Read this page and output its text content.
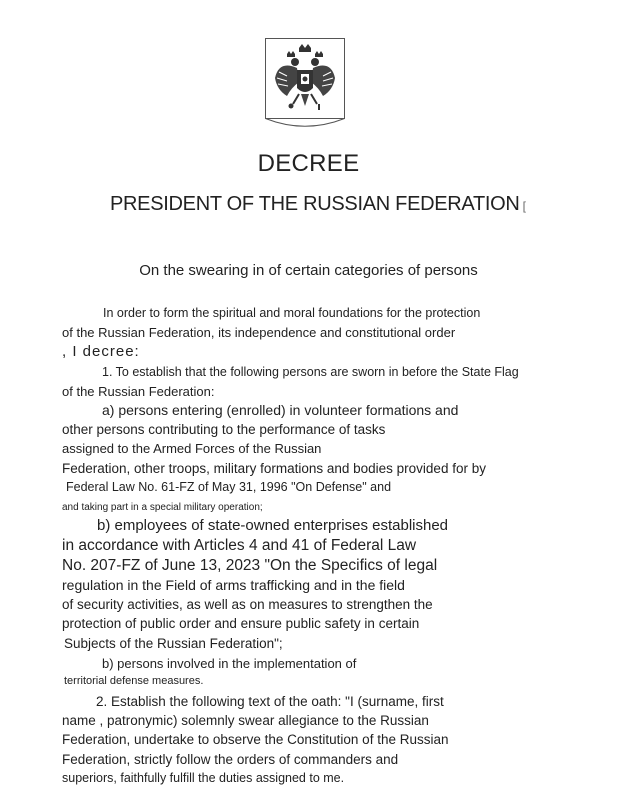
DECREE
PRESIDENT OF THE RUSSIAN FEDERATION [
On the swearing in of certain categories of persons
In order to form the spiritual and moral foundations for the protection
of the Russian Federation, its independence and constitutional order
, I decree:
1. To establish that the following persons are sworn in before the State Flag
of the Russian Federation:
a) persons entering (enrolled) in volunteer formations and
other persons contributing to the performance of tasks
assigned to the Armed Forces of the Russian
Federation, other troops, military formations and bodies provided for by
Federal Law No. 61-FZ of May 31, 1996 "On Defense" and
and taking part in a special military operation;
b) employees of state-owned enterprises established
in accordance with Articles 4 and 41 of Federal Law
No. 207-FZ of June 13, 2023 "On the Specifics of legal
regulation in the Field of arms trafficking and in the field
of security activities, as well as on measures to strengthen the
protection of public order and ensure public safety in certain
Subjects of the Russian Federation";
b) persons involved in the implementation of
territorial defense measures.
2. Establish the following text of the oath: "I (surname, first
name , patronymic) solemnly swear allegiance to the Russian
Federation, undertake to observe the Constitution of the Russian
Federation, strictly follow the orders of commanders and
superiors, faithfully fulfill the duties assigned to me.
